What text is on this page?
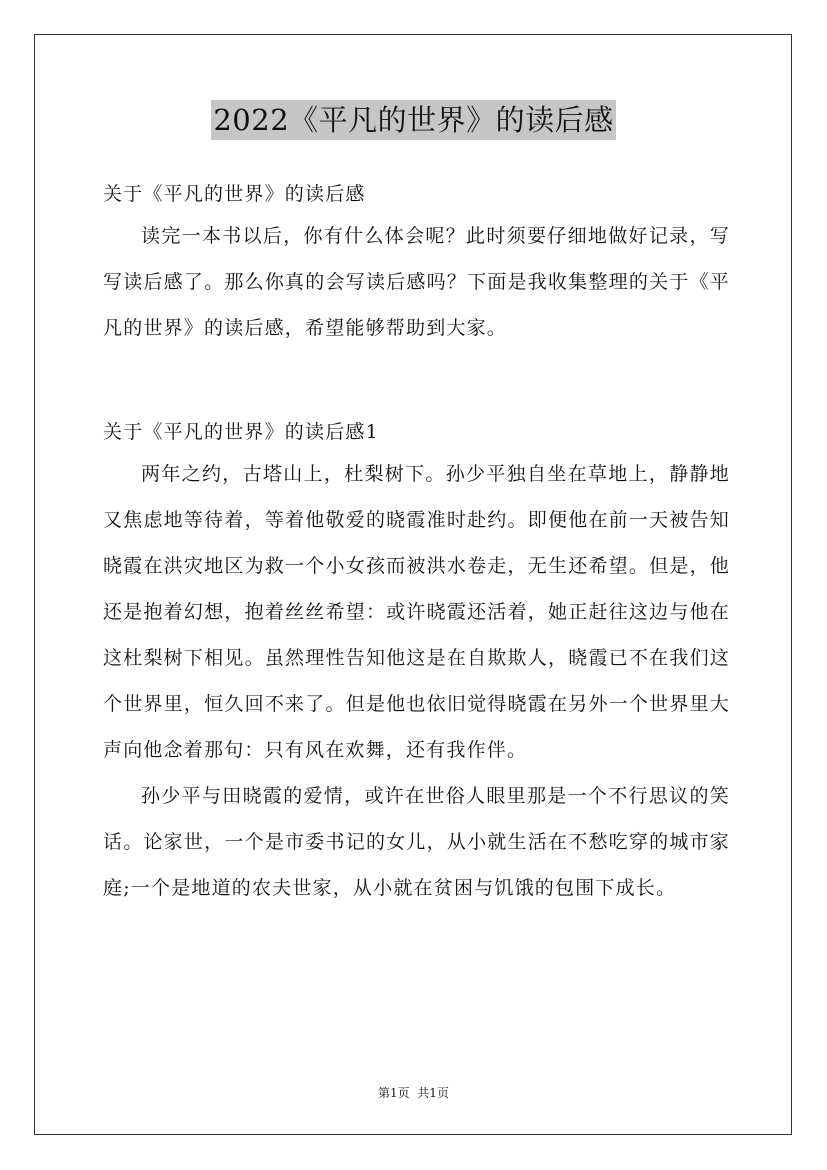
2022《平凡的世界》的读后感
关于《平凡的世界》的读后感

读完一本书以后，你有什么体会呢？此时须要仔细地做好记录，写写读后感了。那么你真的会写读后感吗？下面是我收集整理的关于《平凡的世界》的读后感，希望能够帮助到大家。

关于《平凡的世界》的读后感1

两年之约，古塔山上，杜梨树下。孙少平独自坐在草地上，静静地又焦虑地等待着，等着他敬爱的晓霞准时赴约。即便他在前一天被告知晓霞在洪灾地区为救一个小女孩而被洪水卷走，无生还希望。但是，他还是抱着幻想，抱着丝丝希望：或许晓霞还活着，她正赶往这边与他在这杜梨树下相见。虽然理性告知他这是在自欺欺人，晓霞已不在我们这个世界里，恒久回不来了。但是他也依旧觉得晓霞在另外一个世界里大声向他念着那句：只有风在欢舞，还有我作伴。

孙少平与田晓霞的爱情，或许在世俗人眼里那是一个不行思议的笑话。论家世，一个是市委书记的女儿，从小就生活在不愁吃穿的城市家庭;一个是地道的农夫世家，从小就在贫困与饥饿的包围下成长。

第1页  共1页
